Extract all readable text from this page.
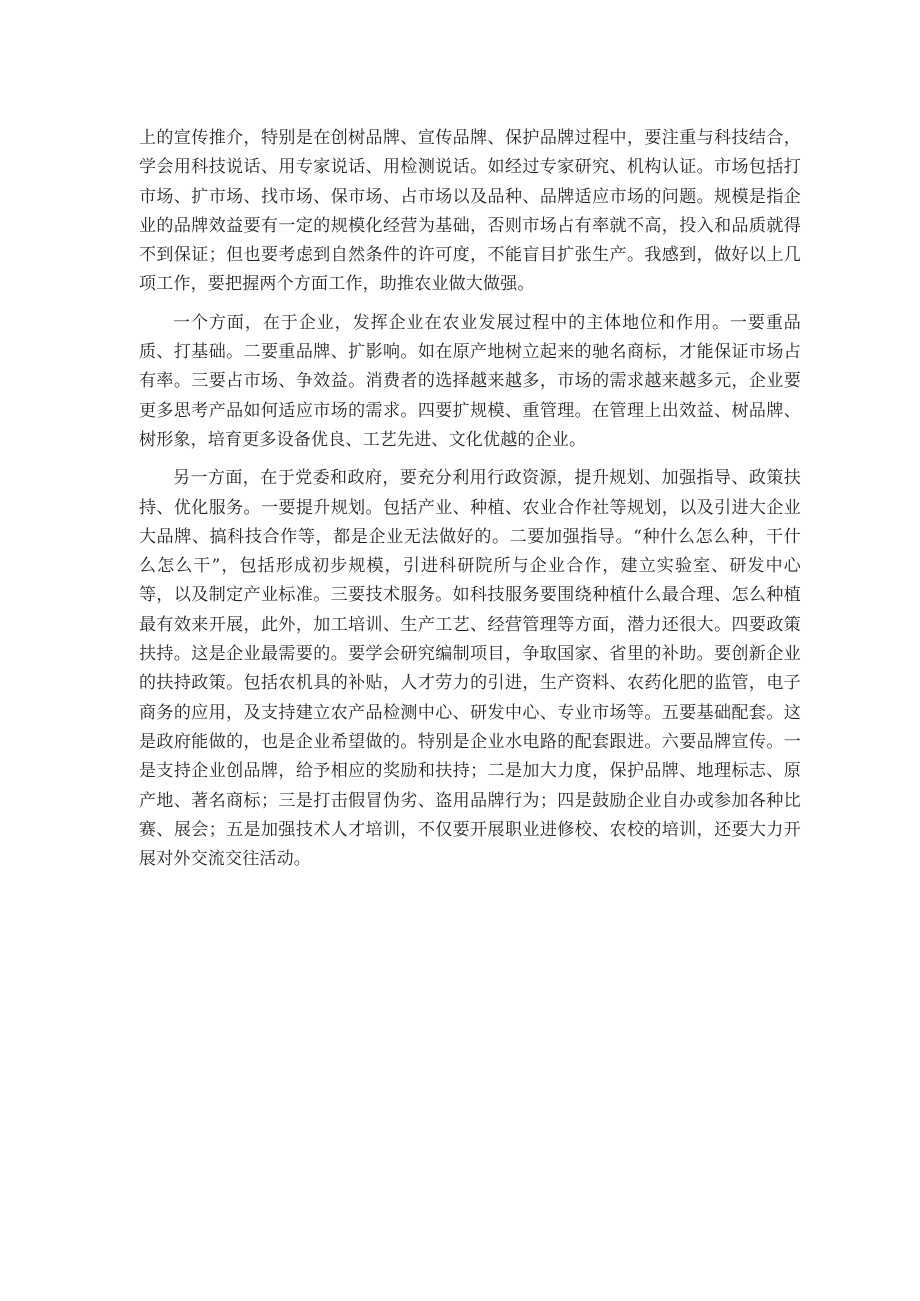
上的宣传推介，特别是在创树品牌、宣传品牌、保护品牌过程中，要注重与科技结合，学会用科技说话、用专家说话、用检测说话。如经过专家研究、机构认证。市场包括打市场、扩市场、找市场、保市场、占市场以及品种、品牌适应市场的问题。规模是指企业的品牌效益要有一定的规模化经营为基础，否则市场占有率就不高，投入和品质就得不到保证；但也要考虑到自然条件的许可度，不能盲目扩张生产。我感到，做好以上几项工作，要把握两个方面工作，助推农业做大做强。

一个方面，在于企业，发挥企业在农业发展过程中的主体地位和作用。一要重品质、打基础。二要重品牌、扩影响。如在原产地树立起来的驰名商标，才能保证市场占有率。三要占市场、争效益。消费者的选择越来越多，市场的需求越来越多元，企业要更多思考产品如何适应市场的需求。四要扩规模、重管理。在管理上出效益、树品牌、树形象，培育更多设备优良、工艺先进、文化优越的企业。

另一方面，在于党委和政府，要充分利用行政资源，提升规划、加强指导、政策扶持、优化服务。一要提升规划。包括产业、种植、农业合作社等规划，以及引进大企业大品牌、搞科技合作等，都是企业无法做好的。二要加强指导。“种什么怎么种，干什么怎么干”，包括形成初步规模，引进科研院所与企业合作，建立实验室、研发中心等，以及制定产业标准。三要技术服务。如科技服务要围绕种植什么最合理、怎么种植最有效来开展，此外，加工培训、生产工艺、经营管理等方面，潜力还很大。四要政策扶持。这是企业最需要的。要学会研究编制项目，争取国家、省里的补助。要创新企业的扶持政策。包括农机具的补贴，人才劳力的引进，生产资料、农药化肥的监管，电子商务的应用，及支持建立农产品检测中心、研发中心、专业市场等。五要基础配套。这是政府能做的，也是企业希望做的。特别是企业水电路的配套跟进。六要品牌宣传。一是支持企业创品牌，给予相应的奖励和扶持；二是加大力度，保护品牌、地理标志、原产地、著名商标；三是打击假冒伪劣、盗用品牌行为；四是鼓励企业自办或参加各种比赛、展会；五是加强技术人才培训，不仅要开展职业进修校、农校的培训，还要大力开展对外交流交往活动。
